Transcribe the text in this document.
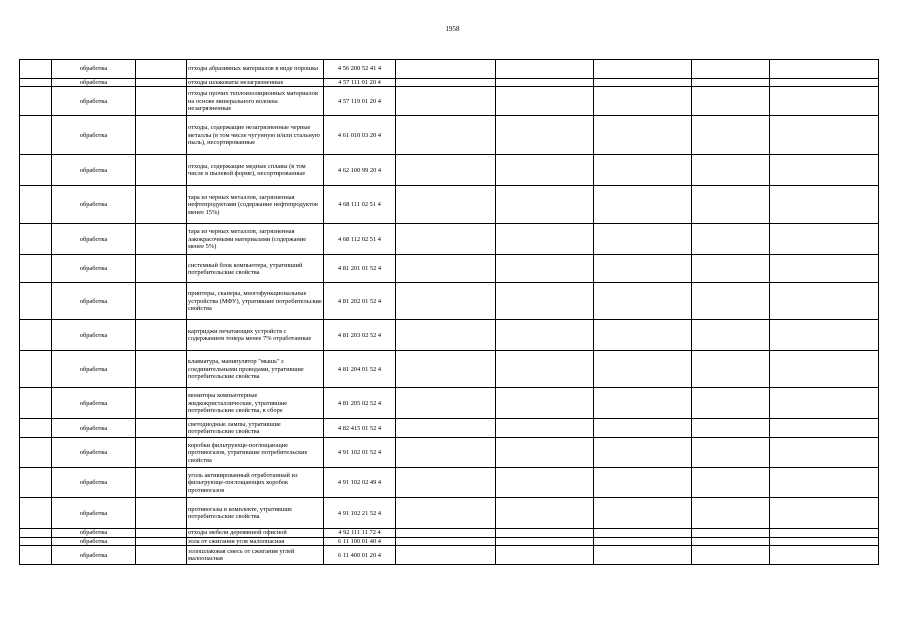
1958
	обработка		отходы абразивных материалов в виде порошка	4 56 200 52 41 4					
	обработка		отходы шлаковаты незагрязненные	4 57 111 01 20 4					
	обработка		отходы прочих теплоизоляционных материалов на основе минерального волокна незагрязненные	4 57 119 01 20 4					
	обработка		отходы, содержащие незагрязненные черные металлы (в том числе чугунную и/или стальную пыль), несортированные	4 61 010 03 20 4					
	обработка		отходы, содержащие медные сплавы (в том числе в пылевой форме), несортированные	4 62 100 99 20 4					
	обработка		тара из черных металлов, загрязненная нефтепродуктами (содержание нефтепродуктов менее 15%)	4 68 111 02 51 4					
	обработка		тара из черных металлов, загрязненная лакокрасочными материалами (содержание менее 5%)	4 68 112 02 51 4					
	обработка		системный блок компьютера, утративший потребительские свойства	4 81 201 01 52 4					
	обработка		принтеры, сканеры, многофункциональные устройства (МФУ), утратившие потребительские свойства	4 81 202 01 52 4					
	обработка		картриджи печатающих устройств с содержанием тонера менее 7% отработанные	4 81 203 02 52 4					
	обработка		клавиатура, манипулятор "мышь" с соединительными проводами, утратившие потребительские свойства	4 81 204 01 52 4					
	обработка		мониторы компьютерные жидкокристаллические, утратившие потребительские свойства, в сборе	4 81 205 02 52 4					
	обработка		светодиодные лампы, утратившие потребительские свойства	4 82 415 01 52 4					
	обработка		коробки фильтрующе-поглощающие противогазов, утратившие потребительские свойства	4 91 102 01 52 4					
	обработка		уголь активированный отработанный из фильтрующе-поглощающих коробок противогазов	4 91 102 02 49 4					
	обработка		противогазы в комплекте, утратившие потребительские свойства	4 91 102 21 52 4					
	обработка		отходы мебели деревянной офисной	4 92 111 11 72 4					
	обработка		зола от сжигания угля малоопасная	6 11 100 01 40 4					
	обработка		золошлаковая смесь от сжигания углей малоопасная	6 11 400 01 20 4					
